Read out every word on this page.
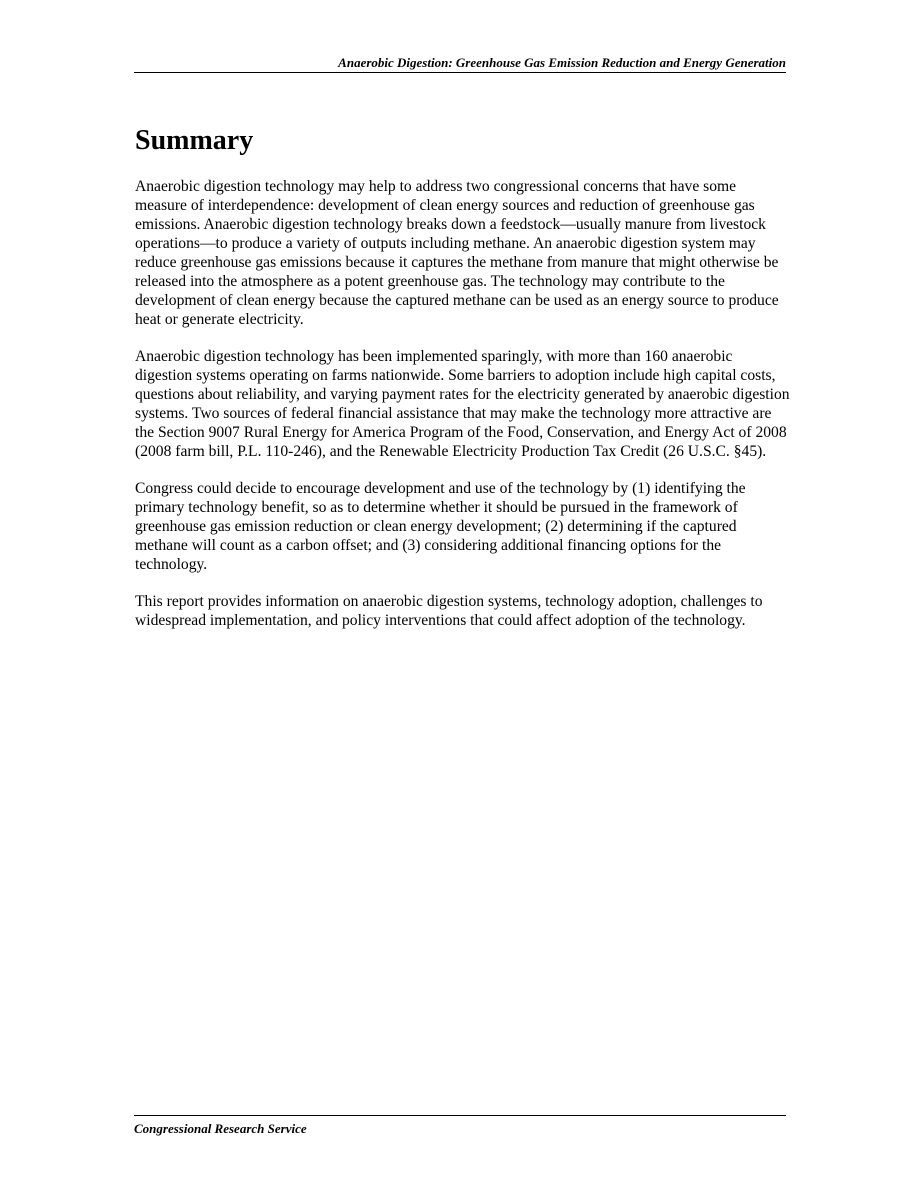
Anaerobic Digestion: Greenhouse Gas Emission Reduction and Energy Generation
Summary

Anaerobic digestion technology may help to address two congressional concerns that have some measure of interdependence: development of clean energy sources and reduction of greenhouse gas emissions. Anaerobic digestion technology breaks down a feedstock—usually manure from livestock operations—to produce a variety of outputs including methane. An anaerobic digestion system may reduce greenhouse gas emissions because it captures the methane from manure that might otherwise be released into the atmosphere as a potent greenhouse gas. The technology may contribute to the development of clean energy because the captured methane can be used as an energy source to produce heat or generate electricity.

Anaerobic digestion technology has been implemented sparingly, with more than 160 anaerobic digestion systems operating on farms nationwide. Some barriers to adoption include high capital costs, questions about reliability, and varying payment rates for the electricity generated by anaerobic digestion systems. Two sources of federal financial assistance that may make the technology more attractive are the Section 9007 Rural Energy for America Program of the Food, Conservation, and Energy Act of 2008 (2008 farm bill, P.L. 110-246), and the Renewable Electricity Production Tax Credit (26 U.S.C. §45).

Congress could decide to encourage development and use of the technology by (1) identifying the primary technology benefit, so as to determine whether it should be pursued in the framework of greenhouse gas emission reduction or clean energy development; (2) determining if the captured methane will count as a carbon offset; and (3) considering additional financing options for the technology.

This report provides information on anaerobic digestion systems, technology adoption, challenges to widespread implementation, and policy interventions that could affect adoption of the technology.

Congressional Research Service
